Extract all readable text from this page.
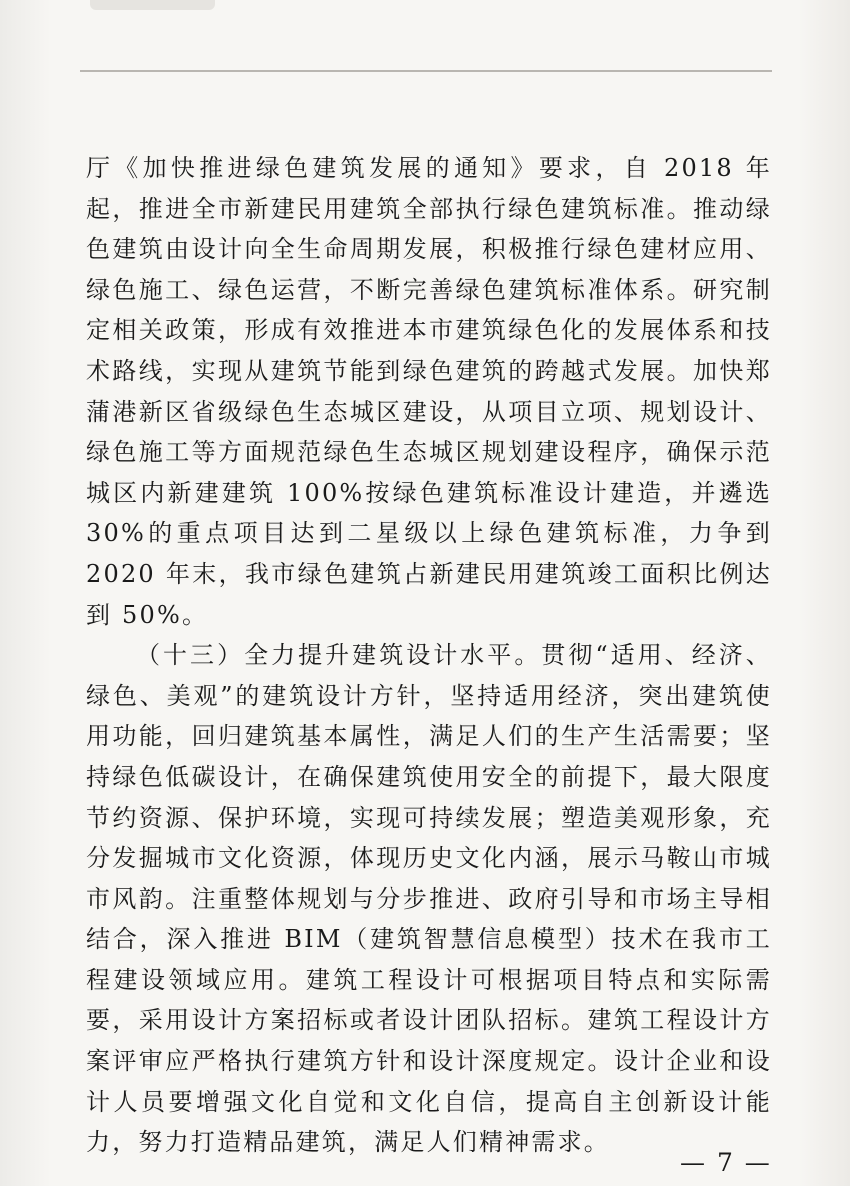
厅《加快推进绿色建筑发展的通知》要求，自 2018 年起，推进全市新建民用建筑全部执行绿色建筑标准。推动绿色建筑由设计向全生命周期发展，积极推行绿色建材应用、绿色施工、绿色运营，不断完善绿色建筑标准体系。研究制定相关政策，形成有效推进本市建筑绿色化的发展体系和技术路线，实现从建筑节能到绿色建筑的跨越式发展。加快郑蒲港新区省级绿色生态城区建设，从项目立项、规划设计、绿色施工等方面规范绿色生态城区规划建设程序，确保示范城区内新建建筑 100%按绿色建筑标准设计建造，并遴选 30%的重点项目达到二星级以上绿色建筑标准，力争到 2020 年末，我市绿色建筑占新建民用建筑竣工面积比例达到 50%。

（十三）全力提升建筑设计水平。贯彻“适用、经济、绿色、美观”的建筑设计方针，坚持适用经济，突出建筑使用功能，回归建筑基本属性，满足人们的生产生活需要；坚持绿色低碳设计，在确保建筑使用安全的前提下，最大限度节约资源、保护环境，实现可持续发展；塑造美观形象，充分发掘城市文化资源，体现历史文化内涵，展示马鞍山市城市风韵。注重整体规划与分步推进、政府引导和市场主导相结合，深入推进 BIM（建筑智慧信息模型）技术在我市工程建设领域应用。建筑工程设计可根据项目特点和实际需要，采用设计方案招标或者设计团队招标。建筑工程设计方案评审应严格执行建筑方针和设计深度规定。设计企业和设计人员要增强文化自觉和文化自信，提高自主创新设计能力，努力打造精品建筑，满足人们精神需求。

— 7 —
